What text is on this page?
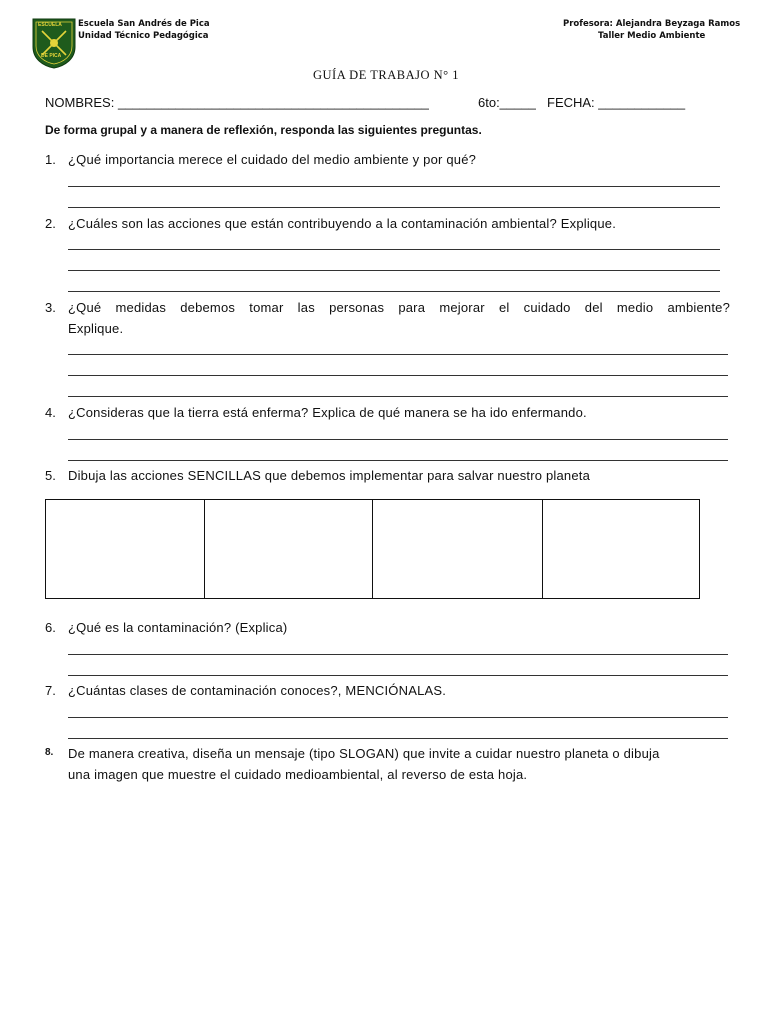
ESCUELA
DE PICA
Escuela San Andrés de Pica
Unidad Técnico Pedagógica
Profesora: Alejandra Beyzaga Ramos
Taller Medio Ambiente
GUÍA DE TRABAJO N° 1
NOMBRES: ___________________________________________	6to:_____ FECHA: ____________
De forma grupal y a manera de reflexión, responda las siguientes preguntas.
1. ¿Qué importancia merece el cuidado del medio ambiente y por qué?
2. ¿Cuáles son las acciones que están contribuyendo a la contaminación ambiental? Explique.
3. ¿Qué medidas debemos tomar las personas para mejorar el cuidado del medio ambiente?
Explique.
4. ¿Consideras que la tierra está enferma? Explica de qué manera se ha ido enfermando.
5. Dibuja las acciones SENCILLAS que debemos implementar para salvar nuestro planeta
6. ¿Qué es la contaminación? (Explica)
7. ¿Cuántas clases de contaminación conoces?, MENCIÓNALAS.
8. De manera creativa, diseña un mensaje (tipo SLOGAN) que invite a cuidar nuestro planeta o dibuja
una imagen que muestre el cuidado medioambiental, al reverso de esta hoja.
